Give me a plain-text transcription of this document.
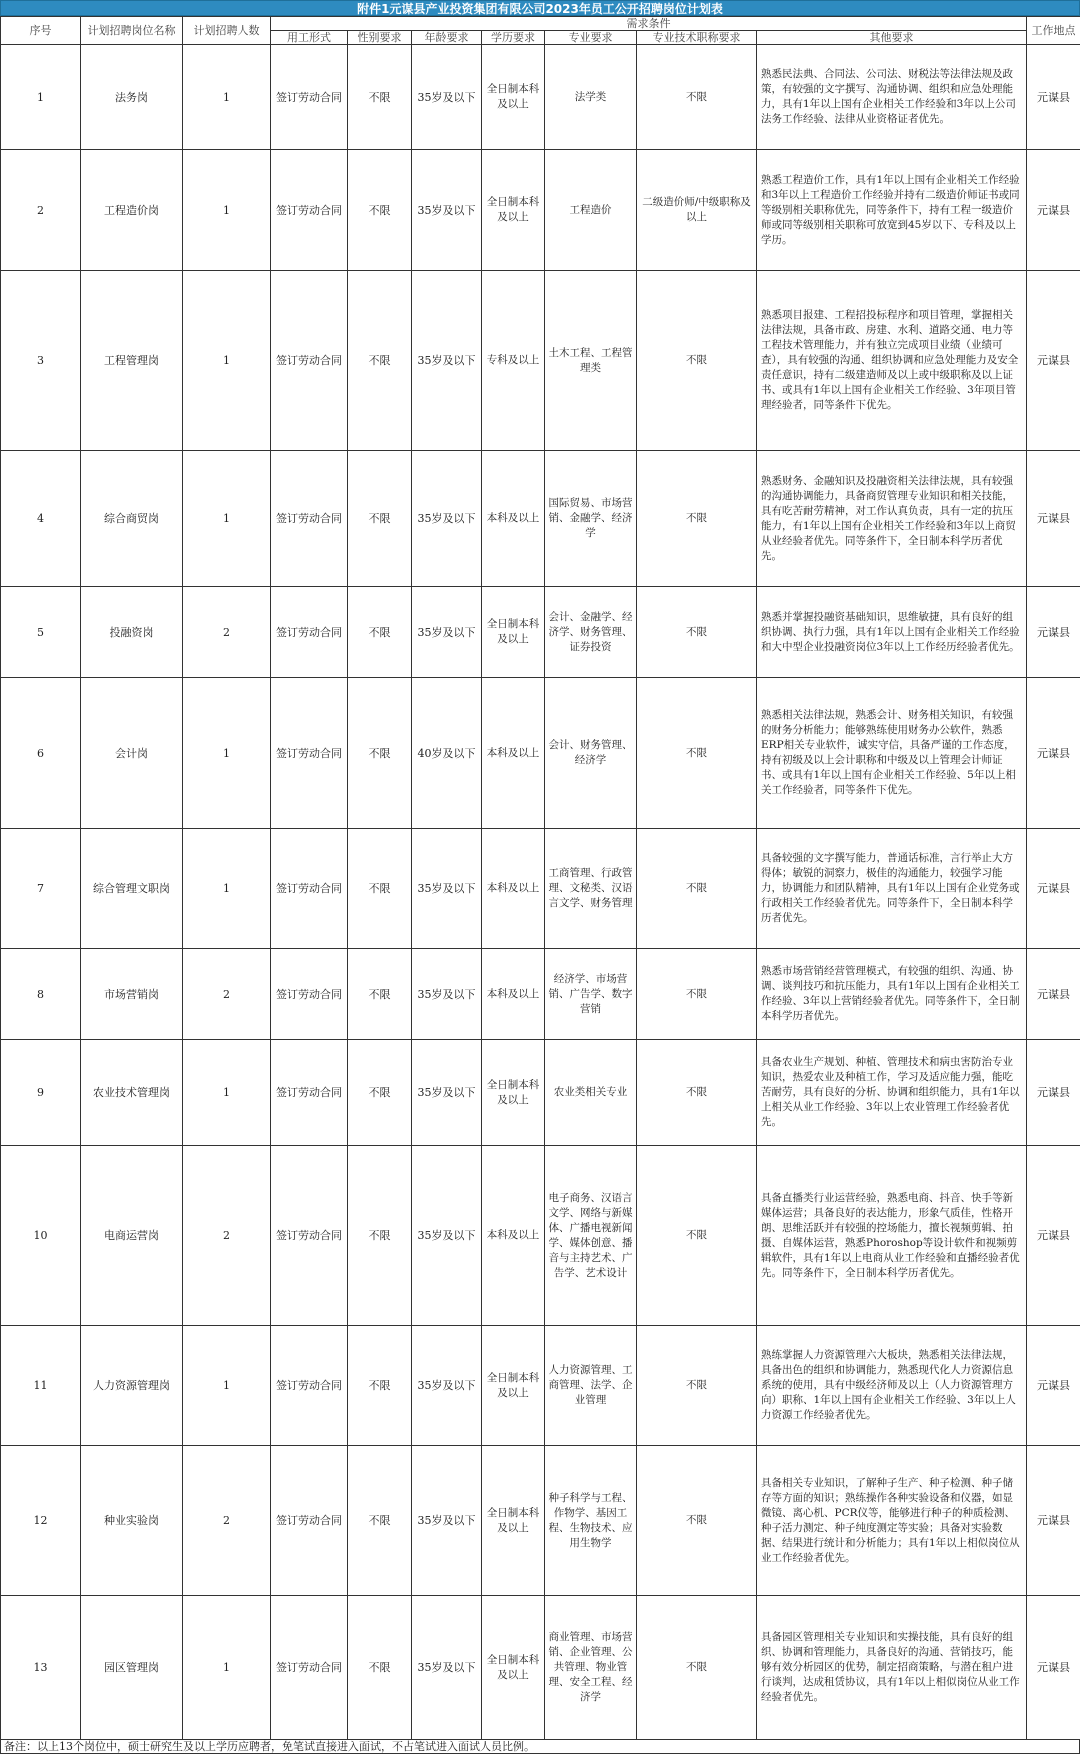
附件1元谋县产业投资集团有限公司2023年员工公开招聘岗位计划表
序号	计划招聘岗位名称	计划招聘人数	需求条件							工作地点
			用工形式	性别要求	年龄要求	学历要求	专业要求	专业技术职称要求	其他要求	
1	法务岗	1	签订劳动合同	不限	35岁及以下	全日制本科及以上	法学类	不限	熟悉民法典、合同法、公司法、财税法等法律法规及政策，有较强的文字撰写、沟通协调、组织和应急处理能力，具有1年以上国有企业相关工作经验和3年以上公司法务工作经验、法律从业资格证者优先。	元谋县
2	工程造价岗	1	签订劳动合同	不限	35岁及以下	全日制本科及以上	工程造价	二级造价师/中级职称及以上	熟悉工程造价工作，具有1年以上国有企业相关工作经验和3年以上工程造价工作经验并持有二级造价师证书或同等级别相关职称优先，同等条件下，持有工程一级造价师或同等级别相关职称可放宽到45岁以下、专科及以上学历。	元谋县
3	工程管理岗	1	签订劳动合同	不限	35岁及以下	专科及以上	土木工程、工程管理类	不限	熟悉项目报建、工程招投标程序和项目管理，掌握相关法律法规，具备市政、房建、水利、道路交通、电力等工程技术管理能力，并有独立完成项目业绩（业绩可查），具有较强的沟通、组织协调和应急处理能力及安全责任意识，持有二级建造师及以上或中级职称及以上证书、或具有1年以上国有企业相关工作经验、3年项目管理经验者，同等条件下优先。	元谋县
4	综合商贸岗	1	签订劳动合同	不限	35岁及以下	本科及以上	国际贸易、市场营销、金融学、经济学	不限	熟悉财务、金融知识及投融资相关法律法规，具有较强的沟通协调能力，具备商贸管理专业知识和相关技能，具有吃苦耐劳精神，对工作认真负责，具有一定的抗压能力，有1年以上国有企业相关工作经验和3年以上商贸从业经验者优先。同等条件下，全日制本科学历者优先。	元谋县
5	投融资岗	2	签订劳动合同	不限	35岁及以下	全日制本科及以上	会计、金融学、经济学、财务管理、证券投资	不限	熟悉并掌握投融资基础知识，思维敏捷，具有良好的组织协调、执行力强，具有1年以上国有企业相关工作经验和大中型企业投融资岗位3年以上工作经历经验者优先。	元谋县
6	会计岗	1	签订劳动合同	不限	40岁及以下	本科及以上	会计、财务管理、经济学	不限	熟悉相关法律法规，熟悉会计、财务相关知识，有较强的财务分析能力；能够熟练使用财务办公软件，熟悉ERP相关专业软件，诚实守信，具备严谨的工作态度，持有初级及以上会计职称和中级及以上管理会计师证书、或具有1年以上国有企业相关工作经验、5年以上相关工作经验者，同等条件下优先。	元谋县
7	综合管理文职岗	1	签订劳动合同	不限	35岁及以下	本科及以上	工商管理、行政管理、文秘类、汉语言文学、财务管理	不限	具备较强的文字撰写能力，普通话标准，言行举止大方得体；敏锐的洞察力，极佳的沟通能力，较强学习能力，协调能力和团队精神，具有1年以上国有企业党务或行政相关工作经验者优先。同等条件下，全日制本科学历者优先。	元谋县
8	市场营销岗	2	签订劳动合同	不限	35岁及以下	本科及以上	经济学、市场营销、广告学、数字营销	不限	熟悉市场营销经营管理模式，有较强的组织、沟通、协调、谈判技巧和抗压能力，具有1年以上国有企业相关工作经验、3年以上营销经验者优先。同等条件下，全日制本科学历者优先。	元谋县
9	农业技术管理岗	1	签订劳动合同	不限	35岁及以下	全日制本科及以上	农业类相关专业	不限	具备农业生产规划、种植、管理技术和病虫害防治专业知识，热爱农业及种植工作，学习及适应能力强，能吃苦耐劳，具有良好的分析、协调和组织能力，具有1年以上相关从业工作经验、3年以上农业管理工作经验者优先。	元谋县
10	电商运营岗	2	签订劳动合同	不限	35岁及以下	本科及以上	电子商务、汉语言文学、网络与新媒体、广播电视新闻学、媒体创意、播音与主持艺术、广告学、艺术设计	不限	具备直播类行业运营经验，熟悉电商、抖音、快手等新媒体运营；具备良好的表达能力，形象气质佳，性格开朗、思维活跃并有较强的控场能力，擅长视频剪辑、拍摄、自媒体运营，熟悉Phoroshop等设计软件和视频剪辑软件，具有1年以上电商从业工作经验和直播经验者优先。同等条件下，全日制本科学历者优先。	元谋县
11	人力资源管理岗	1	签订劳动合同	不限	35岁及以下	全日制本科及以上	人力资源管理、工商管理、法学、企业管理	不限	熟练掌握人力资源管理六大板块，熟悉相关法律法规，具备出色的组织和协调能力，熟悉现代化人力资源信息系统的使用，具有中级经济师及以上（人力资源管理方向）职称、1年以上国有企业相关工作经验、3年以上人力资源工作经验者优先。	元谋县
12	种业实验岗	2	签订劳动合同	不限	35岁及以下	全日制本科及以上	种子科学与工程、作物学、基因工程、生物技术、应用生物学	不限	具备相关专业知识，了解种子生产、种子检测、种子储存等方面的知识；熟练操作各种实验设备和仪器，如显微镜、离心机、PCR仪等，能够进行种子的种质检测、种子活力测定、种子纯度测定等实验；具备对实验数据、结果进行统计和分析能力；具有1年以上相似岗位从业工作经验者优先。	元谋县
13	园区管理岗	1	签订劳动合同	不限	35岁及以下	全日制本科及以上	商业管理、市场营销、企业管理、公共管理、物业管理、安全工程、经济学	不限	具备园区管理相关专业知识和实操技能，具有良好的组织、协调和管理能力，具备良好的沟通、营销技巧，能够有效分析园区的优势，制定招商策略，与潜在租户进行谈判，达成租赁协议，具有1年以上相似岗位从业工作经验者优先。	元谋县
备注：以上13个岗位中，硕士研究生及以上学历应聘者，免笔试直接进入面试，不占笔试进入面试人员比例。
